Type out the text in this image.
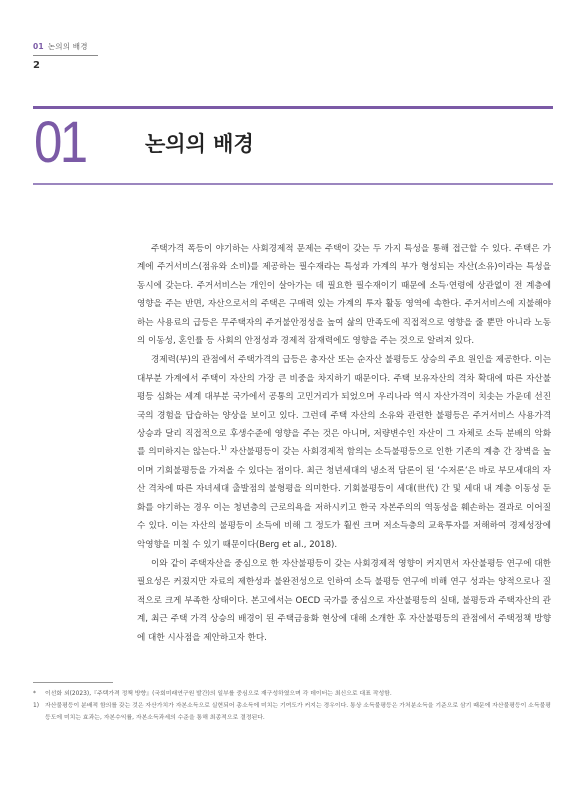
01 논의의 배경
2
01	논의의 배경

주택가격 폭등이 야기하는 사회경제적 문제는 주택이 갖는 두 가지 특성을 통해 접근할 수 있다. 주택은 가계에 주거서비스(점유와 소비)를 제공하는 필수재라는 특성과 가계의 부가 형성되는 자산(소유)이라는 특성을 동시에 갖는다. 주거서비스는 개인이 살아가는 데 필요한 필수재이기 때문에 소득·연령에 상관없이 전 계층에 영향을 주는 반면, 자산으로서의 주택은 구매력 있는 가계의 투자 활동 영역에 속한다. 주거서비스에 지불해야 하는 사용료의 급등은 무주택자의 주거불안정성을 높여 삶의 만족도에 직접적으로 영향을 줄 뿐만 아니라 노동의 이동성, 혼인률 등 사회의 안정성과 경제적 잠재력에도 영향을 주는 것으로 알려져 있다.

경제력(부)의 관점에서 주택가격의 급등은 총자산 또는 순자산 불평등도 상승의 주요 원인을 제공한다. 이는 대부분 가계에서 주택이 자산의 가장 큰 비중을 차지하기 때문이다. 주택 보유자산의 격차 확대에 따른 자산불평등 심화는 세계 대부분 국가에서 공통의 고민거리가 되었으며 우리나라 역시 자산가격이 치솟는 가운데 선진국의 경험을 답습하는 양상을 보이고 있다. 그런데 주택 자산의 소유와 관련한 불평등은 주거서비스 사용가격 상승과 달리 직접적으로 후생수준에 영향을 주는 것은 아니며, 저량변수인 자산이 그 자체로 소득 분배의 악화를 의미하지는 않는다.$^{1)}$ 자산불평등이 갖는 사회경제적 함의는 소득불평등으로 인한 기존의 계층 간 장벽을 높이며 기회불평등을 가져올 수 있다는 점이다. 최근 청년세대의 냉소적 담론이 된 ‘수저론’은 바로 부모세대의 자산 격차에 따른 자녀세대 출발점의 불형평을 의미한다. 기회불평등이 세대(世代) 간 및 세대 내 계층 이동성 둔화를 야기하는 경우 이는 청년층의 근로의욕을 저하시키고 한국 자본주의의 역동성을 훼손하는 결과로 이어질 수 있다. 이는 자산의 불평등이 소득에 비해 그 정도가 훨씬 크며 저소득층의 교육투자를 저해하여 경제성장에 악영향을 미칠 수 있기 때문이다(Berg et al., 2018).

이와 같이 주택자산을 중심으로 한 자산불평등이 갖는 사회경제적 영향이 커지면서 자산불평등 연구에 대한 필요성은 커졌지만 자료의 제한성과 불완전성으로 인하여 소득 불평등 연구에 비해 연구 성과는 양적으로나 질적으로 크게 부족한 상태이다. 본고에서는 OECD 국가를 중심으로 자산불평등의 실태, 불평등과 주택자산의 관계, 최근 주택 가격 상승의 배경이 된 주택금융화 현상에 대해 소개한 후 자산불평등의 관점에서 주택정책 방향에 대한 시사점을 제안하고자 한다.

*	이선화 외(2023),『주택가격 정책 방향』(국회미래연구원 발간)의 일부를 중심으로 재구성하였으며 각 데이터는 최신으로 대표 작성함.
1)	자산불평등이 분배적 함의를 갖는 것은 자산가치가 자본소득으로 실현되어 총소득에 미치는 기여도가 커지는 경우이다. 통상 소득불평등은 가처분소득을 기준으로 삼기 때문에 자산불평등이 소득불평등도에 미치는 효과는, 자본수익률, 자본소득과세의 수준을 통해 최종적으로 결정된다.
